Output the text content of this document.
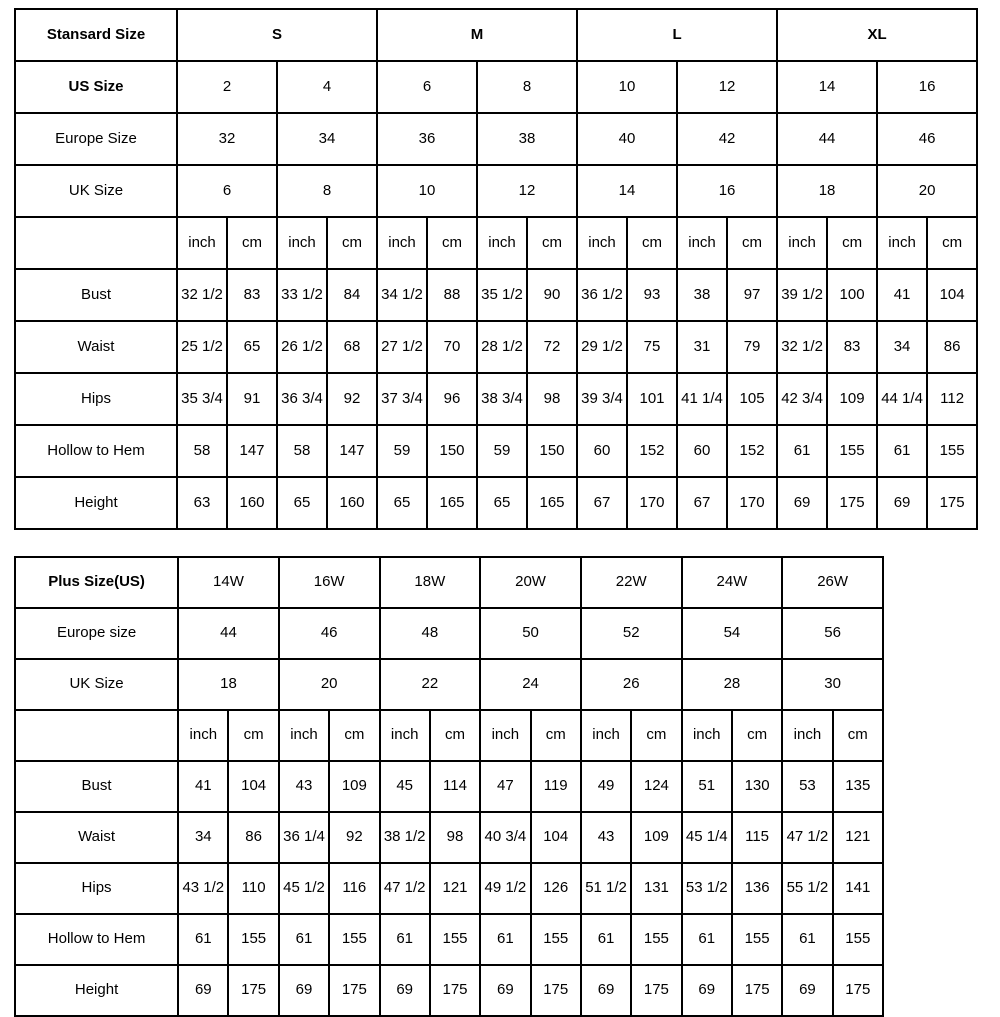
Stansard Size	S				M				L				XL			
US Size	2		4		6		8		10		12		14		16	
Europe Size	32		34		36		38		40		42		44		46	
UK Size	6		8		10		12		14		16		18		20	
	inch	cm	inch	cm	inch	cm	inch	cm	inch	cm	inch	cm	inch	cm	inch	cm
Bust	32 1/2	83	33 1/2	84	34 1/2	88	35 1/2	90	36 1/2	93	38	97	39 1/2	100	41	104
Waist	25 1/2	65	26 1/2	68	27 1/2	70	28 1/2	72	29 1/2	75	31	79	32 1/2	83	34	86
Hips	35 3/4	91	36 3/4	92	37 3/4	96	38 3/4	98	39 3/4	101	41 1/4	105	42 3/4	109	44 1/4	112
Hollow to Hem	58	147	58	147	59	150	59	150	60	152	60	152	61	155	61	155
Height	63	160	65	160	65	165	65	165	67	170	67	170	69	175	69	175
Plus Size(US)	14W		16W		18W		20W		22W		24W		26W	
Europe size	44		46		48		50		52		54		56	
UK Size	18		20		22		24		26		28		30	
	inch	cm	inch	cm	inch	cm	inch	cm	inch	cm	inch	cm	inch	cm
Bust	41	104	43	109	45	114	47	119	49	124	51	130	53	135
Waist	34	86	36 1/4	92	38 1/2	98	40 3/4	104	43	109	45 1/4	115	47 1/2	121
Hips	43 1/2	110	45 1/2	116	47 1/2	121	49 1/2	126	51 1/2	131	53 1/2	136	55 1/2	141
Hollow to Hem	61	155	61	155	61	155	61	155	61	155	61	155	61	155
Height	69	175	69	175	69	175	69	175	69	175	69	175	69	175
